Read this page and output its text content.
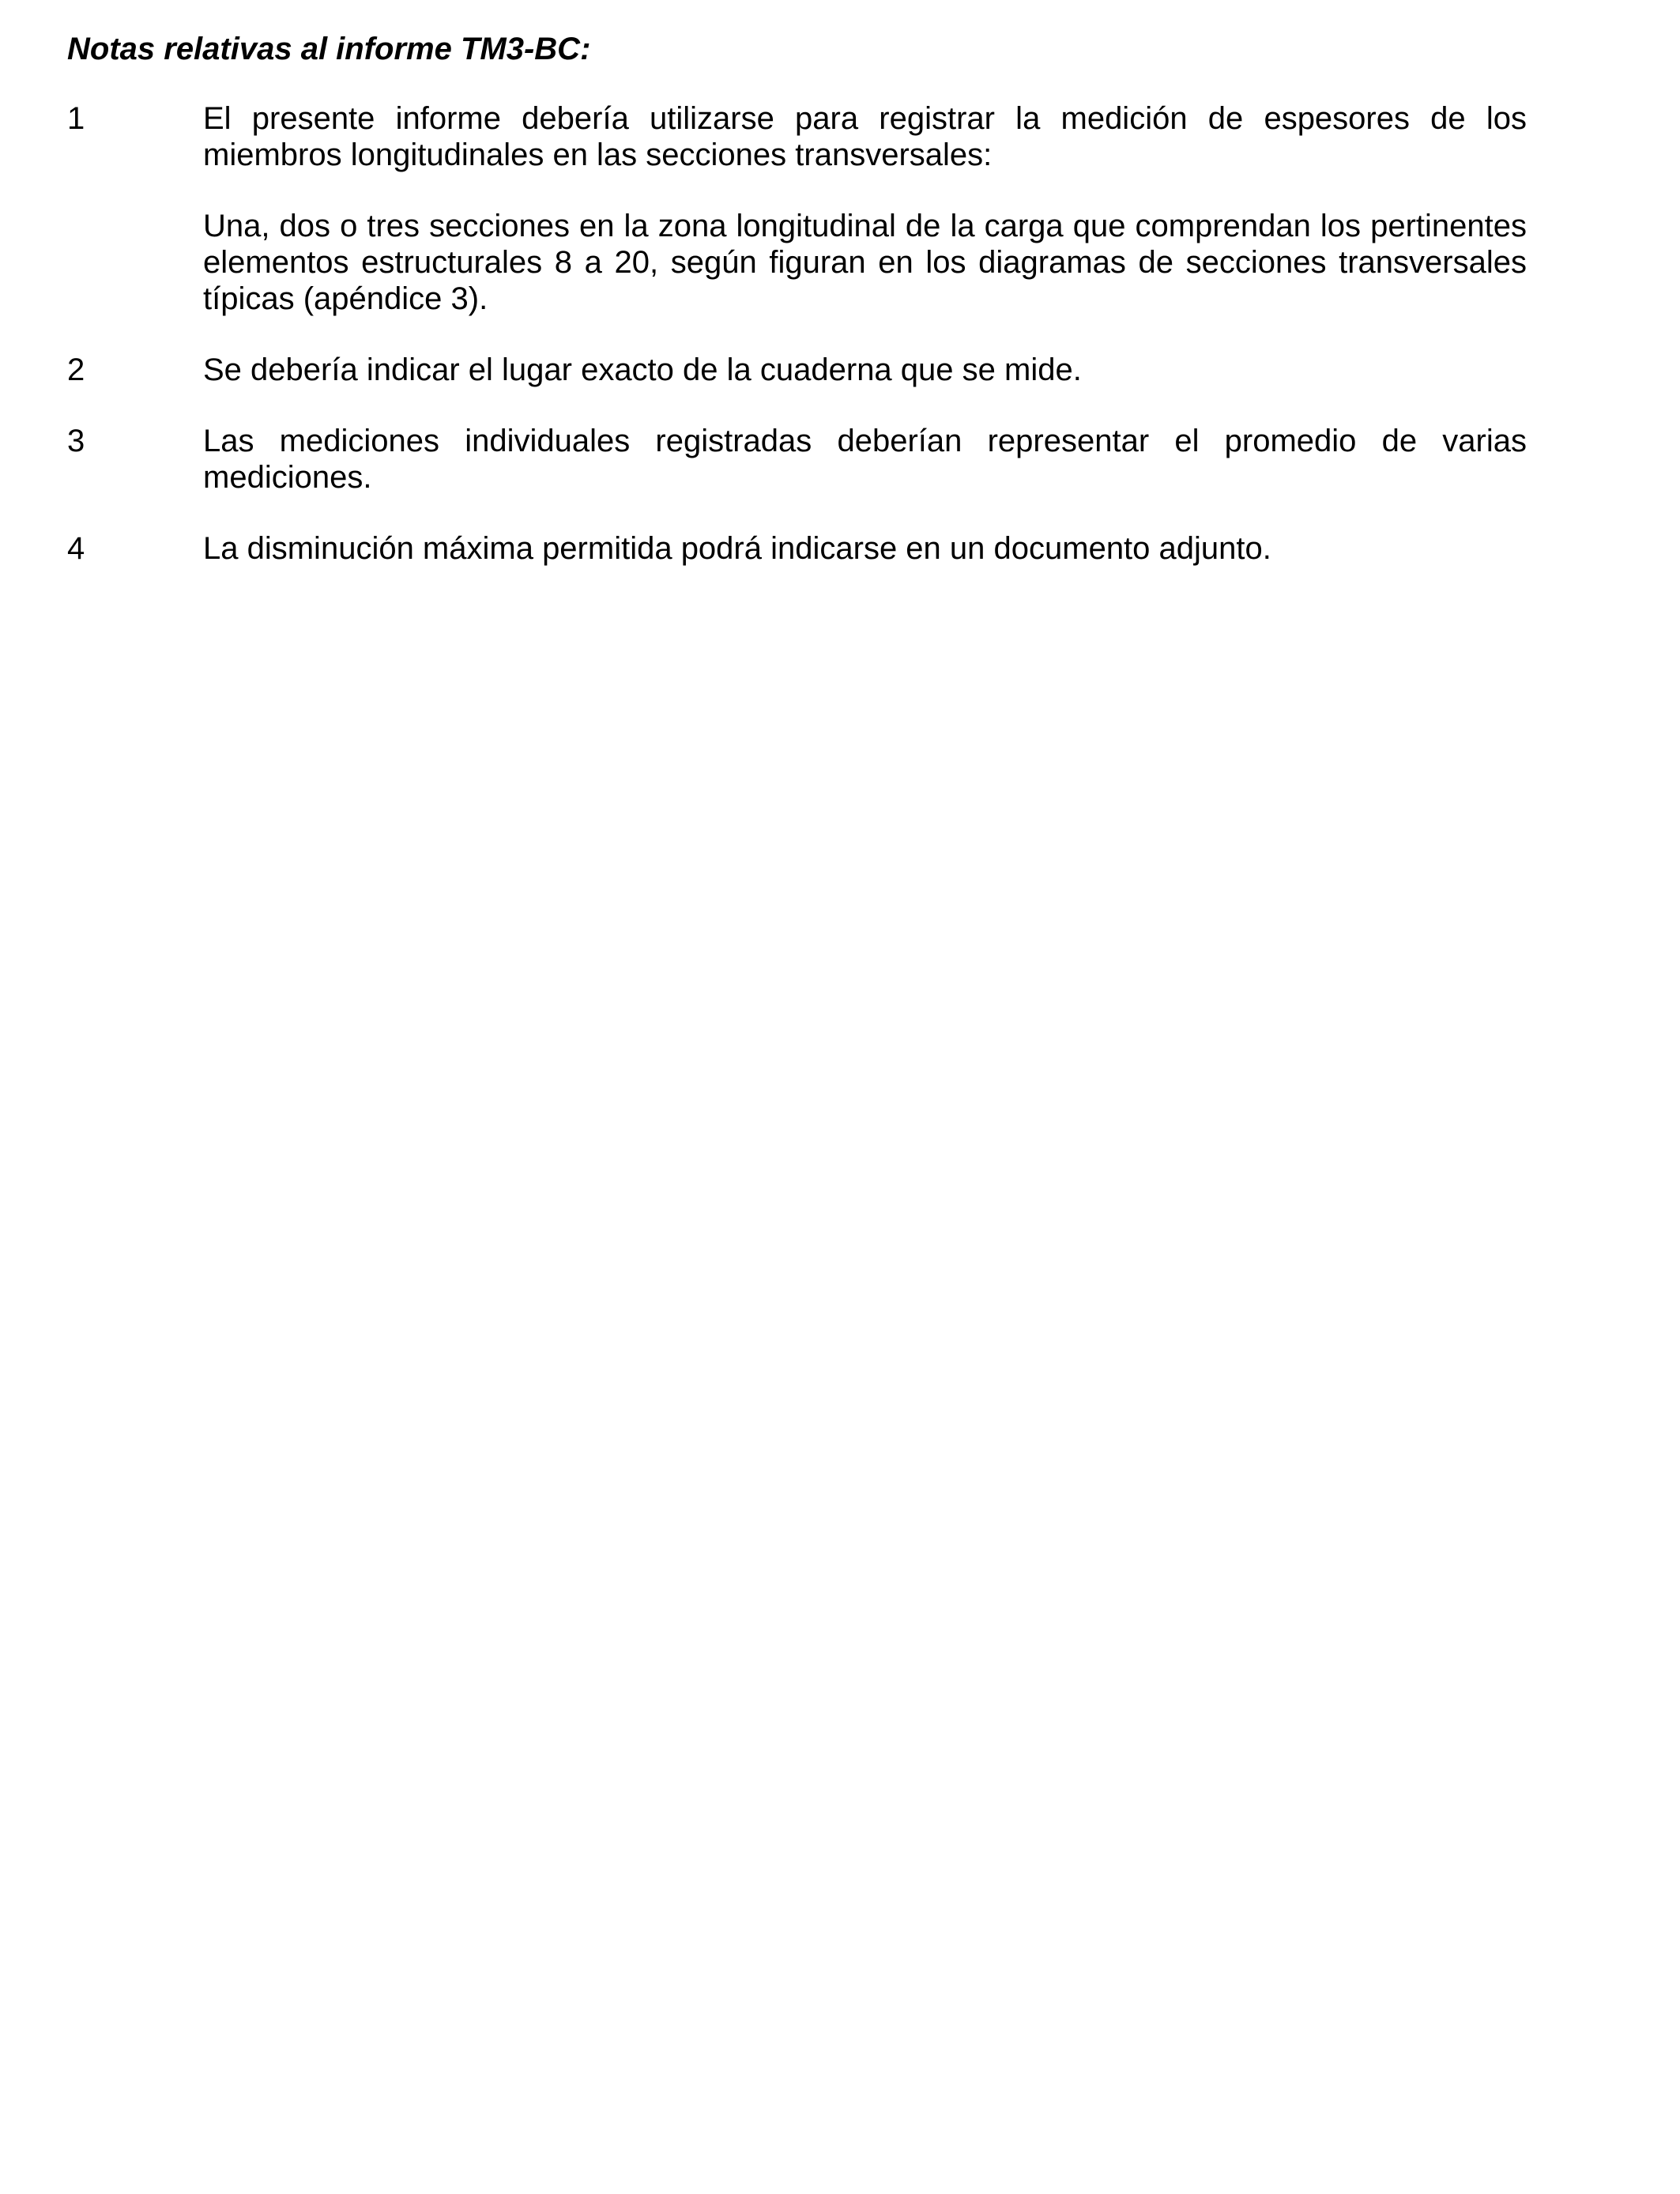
Notas relativas al informe TM3-BC:
1	El presente informe debería utilizarse para registrar la medición de espesores de los miembros longitudinales en las secciones transversales:

Una, dos o tres secciones en la zona longitudinal de la carga que comprendan los pertinentes elementos estructurales 8 a 20, según figuran en los diagramas de secciones transversales típicas (apéndice 3).

2	Se debería indicar el lugar exacto de la cuaderna que se mide.

3	Las mediciones individuales registradas deberían representar el promedio de varias mediciones.

4	La disminución máxima permitida podrá indicarse en un documento adjunto.
